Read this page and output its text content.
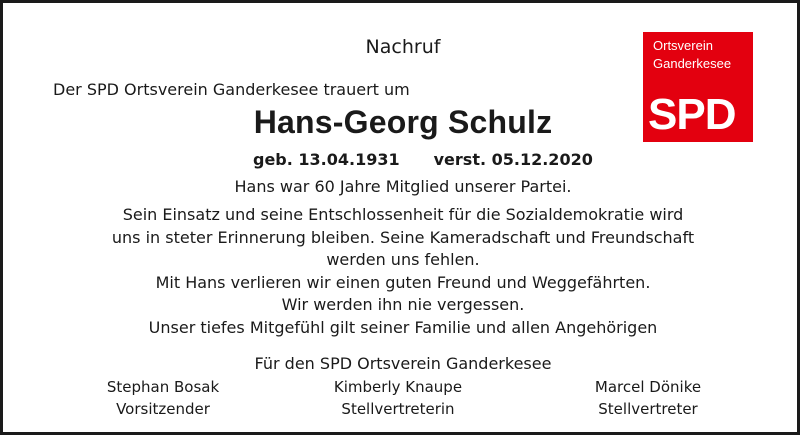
Nachruf
Der SPD Ortsverein Ganderkesee trauert um
Hans-Georg Schulz
geb. 13.04.1931 verst. 05.12.2020
Hans war 60 Jahre Mitglied unserer Partei.
Sein Einsatz und seine Entschlossenheit für die Sozialdemokratie wird
uns in steter Erinnerung bleiben. Seine Kameradschaft und Freundschaft
werden uns fehlen.
Mit Hans verlieren wir einen guten Freund und Weggefährten.
Wir werden ihn nie vergessen.
Unser tiefes Mitgefühl gilt seiner Familie und allen Angehörigen
Für den SPD Ortsverein Ganderkesee
Stephan Bosak
Vorsitzender
Kimberly Knaupe
Stellvertreterin
Marcel Dönike
Stellvertreter
Ortsverein
Ganderkesee
SPD
